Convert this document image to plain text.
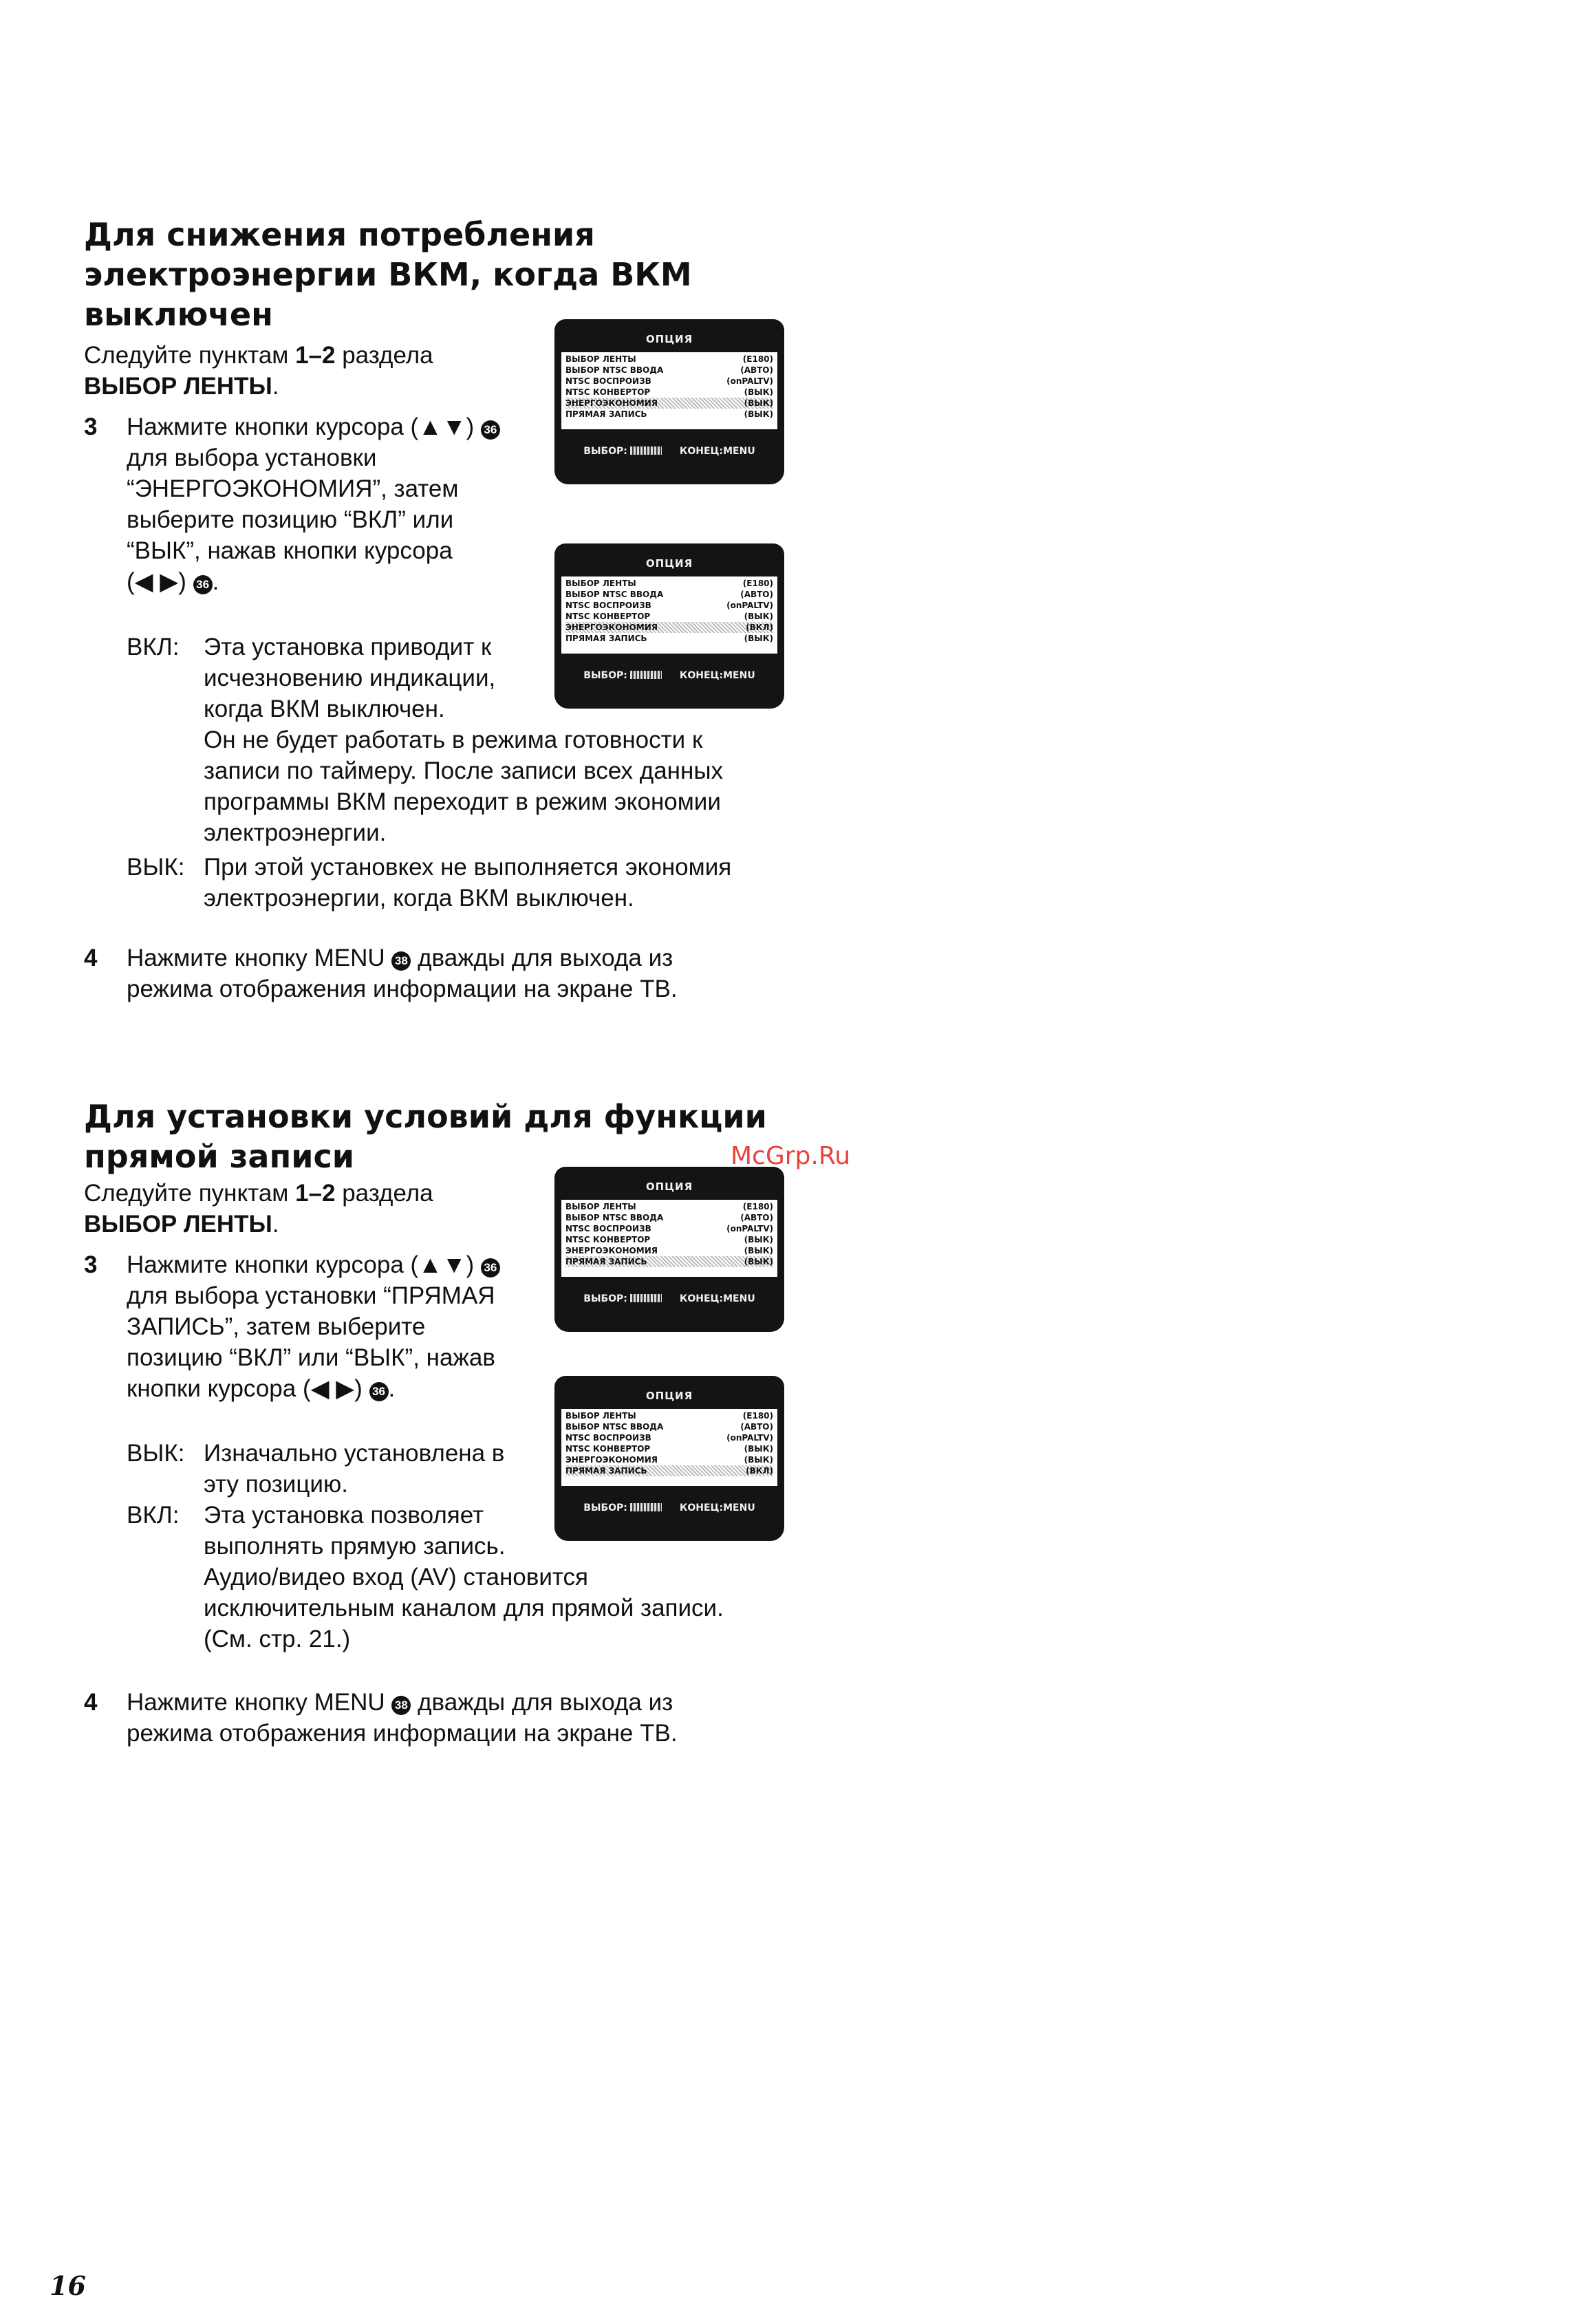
Для снижения потребления
электроэнергии ВКМ, когда ВКМ
выключен
Следуйте пунктам 1–2 раздела
ВЫБОР ЛЕНТЫ.
3 Нажмите кнопки курсора (▲▼) 36
для выбора установки
“ЭНЕРГОЭКОНОМИЯ”, затем
выберите позицию “ВКЛ” или
“ВЫК”, нажав кнопки курсора
(◀ ▶) 36 .
ВКЛ: Эта установка приводит к
исчезновению индикации,
когда ВКМ выключен.
Он не будет работать в режима готовности к
записи по таймеру. После записи всех данных
программы ВКМ переходит в режим экономии
электроэнергии.
ВЫК: При этой установкех не выполняется экономия
электроэнергии, когда ВКМ выключен.
4 Нажмите кнопку MENU 38 дважды для выхода из
режима отображения информации на экране ТВ.
Для установки условий для функции
прямой записи
Следуйте пунктам 1–2 раздела
ВЫБОР ЛЕНТЫ.
3 Нажмите кнопки курсора (▲▼) 36
для выбора установки “ПРЯМАЯ
ЗАПИСЬ”, затем выберите
позицию “ВКЛ” или “ВЫК”, нажав
кнопки курсора (◀ ▶) 36 .
ВЫК: Изначально установлена в
эту позицию.
ВКЛ: Эта установка позволяет
выполнять прямую запись.
Аудио/видео вход (AV) становится
исключительным каналом для прямой записи.
(См. стр. 21.)
4 Нажмите кнопку MENU 38 дважды для выхода из
режима отображения информации на экране ТВ.
ОПЦИЯ
ВЫБОР ЛЕНТЫ	(E180)
ВЫБОР NTSC ВВОДА	(АВТО)
NTSC ВОСПРОИЗВ	(onPALTV)
NTSC КОНВЕРТОР	(ВЫК)
ЭНЕРГОЭКОНОМИЯ	(ВЫК)
ПРЯМАЯ ЗАПИСЬ	(ВЫК)
ВЫБОР:	КОНЕЦ:MENU
ОПЦИЯ
ВЫБОР ЛЕНТЫ	(E180)
ВЫБОР NTSC ВВОДА	(АВТО)
NTSC ВОСПРОИЗВ	(onPALTV)
NTSC КОНВЕРТОР	(ВЫК)
ЭНЕРГОЭКОНОМИЯ	(ВКЛ)
ПРЯМАЯ ЗАПИСЬ	(ВЫК)
ВЫБОР:	КОНЕЦ:MENU
ОПЦИЯ
ВЫБОР ЛЕНТЫ	(E180)
ВЫБОР NTSC ВВОДА	(АВТО)
NTSC ВОСПРОИЗВ	(onPALTV)
NTSC КОНВЕРТОР	(ВЫК)
ЭНЕРГОЭКОНОМИЯ	(ВЫК)
ПРЯМАЯ ЗАПИСЬ	(ВЫК)
ВЫБОР:	КОНЕЦ:MENU
ОПЦИЯ
ВЫБОР ЛЕНТЫ	(E180)
ВЫБОР NTSC ВВОДА	(АВТО)
NTSC ВОСПРОИЗВ	(onPALTV)
NTSC КОНВЕРТОР	(ВЫК)
ЭНЕРГОЭКОНОМИЯ	(ВЫК)
ПРЯМАЯ ЗАПИСЬ	(ВКЛ)
ВЫБОР:	КОНЕЦ:MENU
McGrp.Ru
16
